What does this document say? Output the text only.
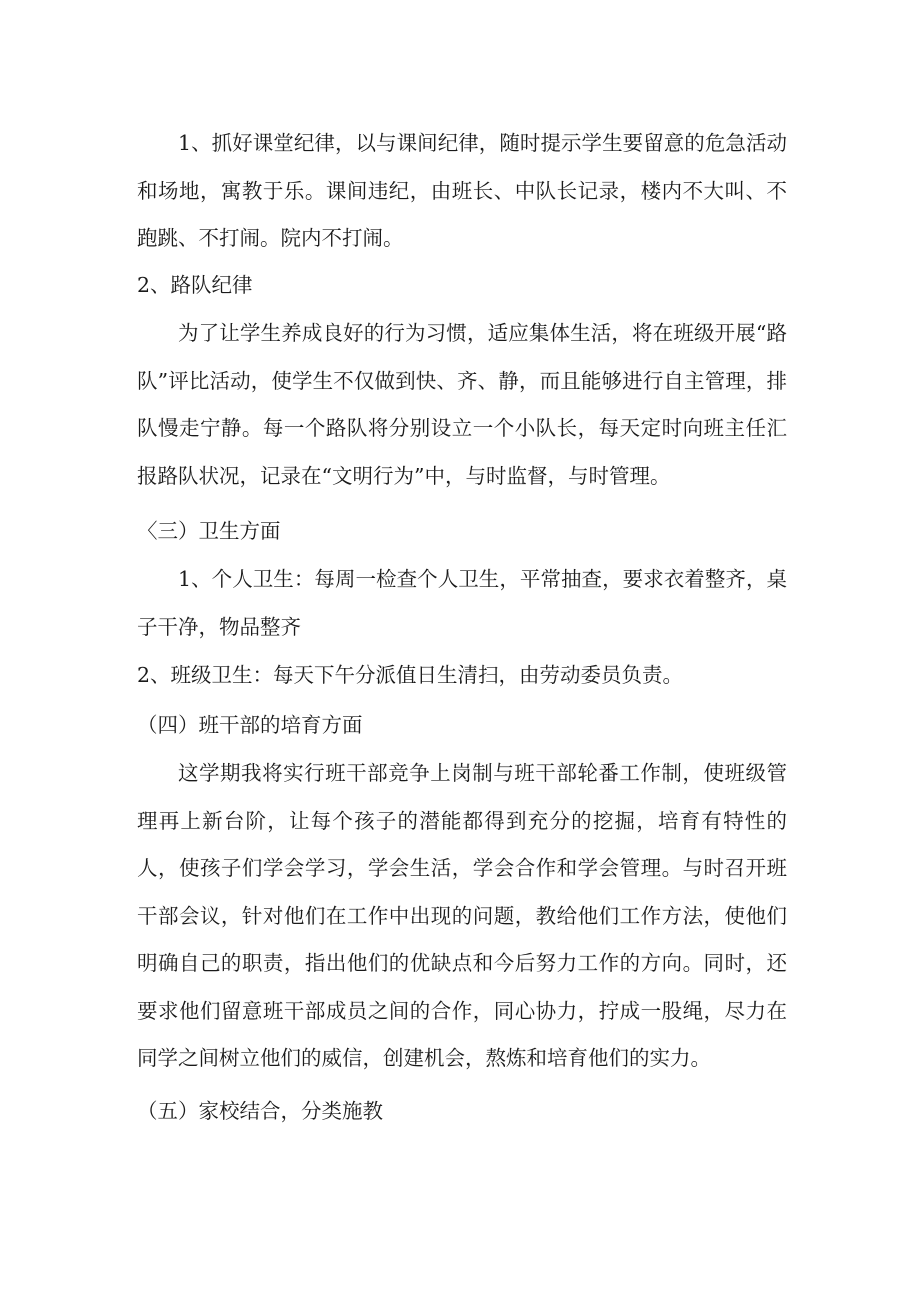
1、抓好课堂纪律，以与课间纪律，随时提示学生要留意的危急活动和场地，寓教于乐。课间违纪，由班长、中队长记录，楼内不大叫、不跑跳、不打闹。院内不打闹。

2、路队纪律

为了让学生养成良好的行为习惯，适应集体生活，将在班级开展“路队”评比活动，使学生不仅做到快、齐、静，而且能够进行自主管理，排队慢走宁静。每一个路队将分别设立一个小队长，每天定时向班主任汇报路队状况，记录在“文明行为”中，与时监督，与时管理。

〈三）卫生方面

1、个人卫生：每周一检查个人卫生，平常抽查，要求衣着整齐，桌子干净，物品整齐

2、班级卫生：每天下午分派值日生清扫，由劳动委员负责。

（四）班干部的培育方面

这学期我将实行班干部竞争上岗制与班干部轮番工作制，使班级管理再上新台阶，让每个孩子的潜能都得到充分的挖掘，培育有特性的人，使孩子们学会学习，学会生活，学会合作和学会管理。与时召开班干部会议，针对他们在工作中出现的问题，教给他们工作方法，使他们明确自己的职责，指出他们的优缺点和今后努力工作的方向。同时，还要求他们留意班干部成员之间的合作，同心协力，拧成一股绳，尽力在同学之间树立他们的威信，创建机会，熬炼和培育他们的实力。

（五）家校结合，分类施教
